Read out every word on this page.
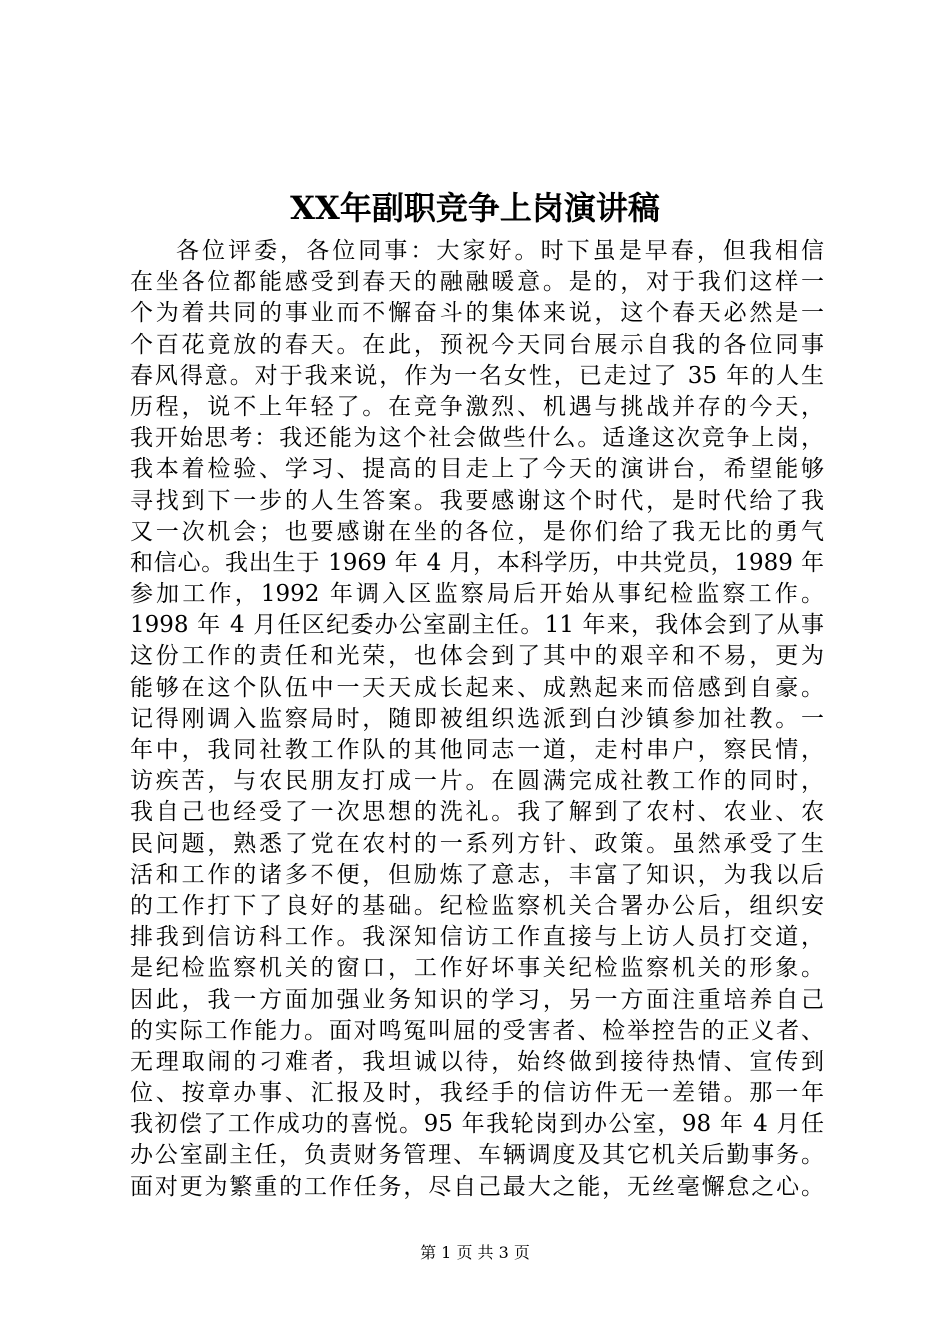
XX年副职竞争上岗演讲稿
各位评委，各位同事：大家好。时下虽是早春，但我相信
在坐各位都能感受到春天的融融暖意。是的，对于我们这样一
个为着共同的事业而不懈奋斗的集体来说，这个春天必然是一
个百花竟放的春天。在此，预祝今天同台展示自我的各位同事
春风得意。对于我来说，作为一名女性，已走过了 35 年的人生
历程，说不上年轻了。在竞争激烈、机遇与挑战并存的今天，
我开始思考：我还能为这个社会做些什么。适逢这次竞争上岗，
我本着检验、学习、提高的目走上了今天的演讲台，希望能够
寻找到下一步的人生答案。我要感谢这个时代，是时代给了我
又一次机会；也要感谢在坐的各位，是你们给了我无比的勇气
和信心。我出生于 1969 年 4 月，本科学历，中共党员，1989 年
参加工作，1992 年调入区监察局后开始从事纪检监察工作。
1998 年 4 月任区纪委办公室副主任。11 年来，我体会到了从事
这份工作的责任和光荣，也体会到了其中的艰辛和不易，更为
能够在这个队伍中一天天成长起来、成熟起来而倍感到自豪。
记得刚调入监察局时，随即被组织选派到白沙镇参加社教。一
年中，我同社教工作队的其他同志一道，走村串户，察民情，
访疾苦，与农民朋友打成一片。在圆满完成社教工作的同时，
我自己也经受了一次思想的洗礼。我了解到了农村、农业、农
民问题，熟悉了党在农村的一系列方针、政策。虽然承受了生
活和工作的诸多不便，但励炼了意志，丰富了知识，为我以后
的工作打下了良好的基础。纪检监察机关合署办公后，组织安
排我到信访科工作。我深知信访工作直接与上访人员打交道，
是纪检监察机关的窗口，工作好坏事关纪检监察机关的形象。
因此，我一方面加强业务知识的学习，另一方面注重培养自己
的实际工作能力。面对鸣冤叫屈的受害者、检举控告的正义者、
无理取闹的刁难者，我坦诚以待，始终做到接待热情、宣传到
位、按章办事、汇报及时，我经手的信访件无一差错。那一年
我初偿了工作成功的喜悦。95 年我轮岗到办公室，98 年 4 月任
办公室副主任，负责财务管理、车辆调度及其它机关后勤事务。
面对更为繁重的工作任务，尽自己最大之能，无丝毫懈怠之心。
第 1 页 共 3 页
